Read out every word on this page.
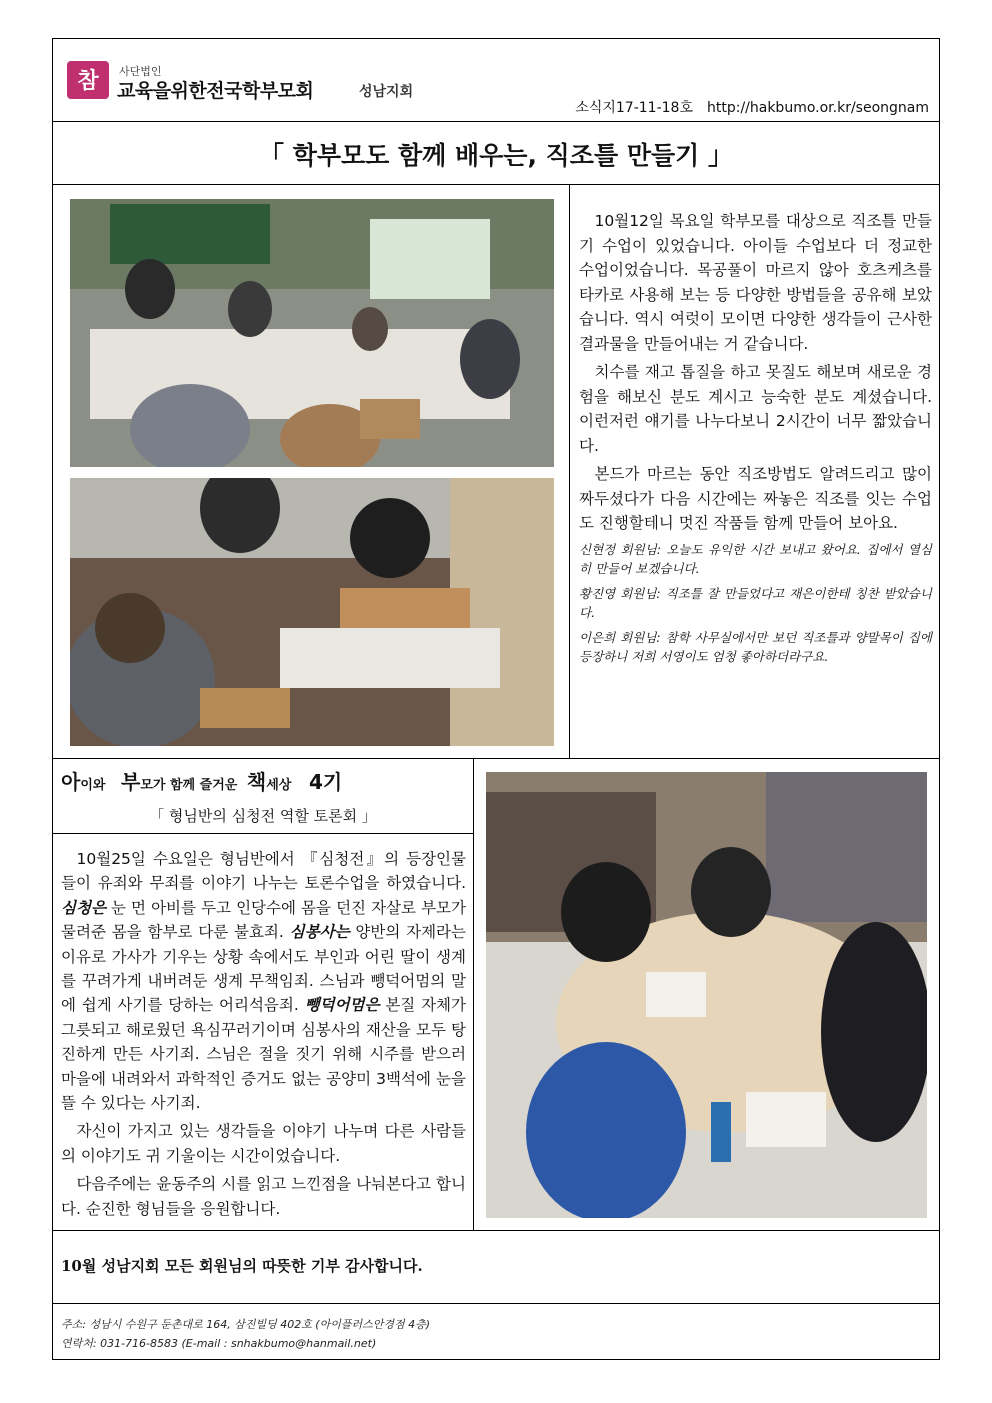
참 사단법인
교육을위한전국학부모회	성남지회
소식지17-11-18호 http://hakbumo.or.kr/seongnam
「 학부모도 함께 배우는, 직조틀 만들기 」

10월12일 목요일 학부모를 대상으로 직조틀 만들기 수업이 있었습니다. 아이들 수업보다 더 정교한 수업이었습니다. 목공풀이 마르지 않아 호츠케츠를 타카로 사용해 보는 등 다양한 방법들을 공유해 보았습니다. 역시 여럿이 모이면 다양한 생각들이 근사한 결과물을 만들어내는 거 같습니다.

치수를 재고 톱질을 하고 못질도 해보며 새로운 경험을 해보신 분도 계시고 능숙한 분도 계셨습니다. 이런저런 얘기를 나누다보니 2시간이 너무 짧았습니다.

본드가 마르는 동안 직조방법도 알려드리고 많이 짜두셨다가 다음 시간에는 짜놓은 직조를 잇는 수업도 진행할테니 멋진 작품들 함께 만들어 보아요.

신현정 회원님: 오늘도 유익한 시간 보내고 왔어요. 집에서 열심히 만들어 보겠습니다.

황진영 회원님: 직조틀 잘 만들었다고 재은이한테 칭찬 받았습니다.

이은희 회원님: 참학 사무실에서만 보던 직조틀과 양말목이 집에 등장하니 저희 서영이도 엄청 좋아하더라구요.

아이와 부모가 함께 즐거운 책세상 4기
「 형님반의 심청전 역할 토론회 」

10월25일 수요일은 형님반에서 『심청전』의 등장인물들이 유죄와 무죄를 이야기 나누는 토론수업을 하였습니다. 심청은 눈 먼 아비를 두고 인당수에 몸을 던진 자살로 부모가 물려준 몸을 함부로 다룬 불효죄. 심봉사는 양반의 자제라는 이유로 가사가 기우는 상황 속에서도 부인과 어린 딸이 생계를 꾸려가게 내버려둔 생계 무책임죄. 스님과 뺑덕어멈의 말에 쉽게 사기를 당하는 어리석음죄. 뺑덕어멈은 본질 자체가 그릇되고 해로웠던 욕심꾸러기이며 심봉사의 재산을 모두 탕진하게 만든 사기죄. 스님은 절을 짓기 위해 시주를 받으러 마을에 내려와서 과학적인 증거도 없는 공양미 3백석에 눈을 뜰 수 있다는 사기죄.

자신이 가지고 있는 생각들을 이야기 나누며 다른 사람들의 이야기도 귀 기울이는 시간이었습니다.

다음주에는 윤동주의 시를 읽고 느낀점을 나눠본다고 합니다. 순진한 형님들을 응원합니다.

10월 성남지회 모든 회원님의 따뜻한 기부 감사합니다.
주소: 성남시 수원구 둔촌대로 164, 삼진빌딩 402호 (아이플러스안경점 4층)
연락처: 031-716-8583 (E-mail : snhakbumo@hanmail.net)
